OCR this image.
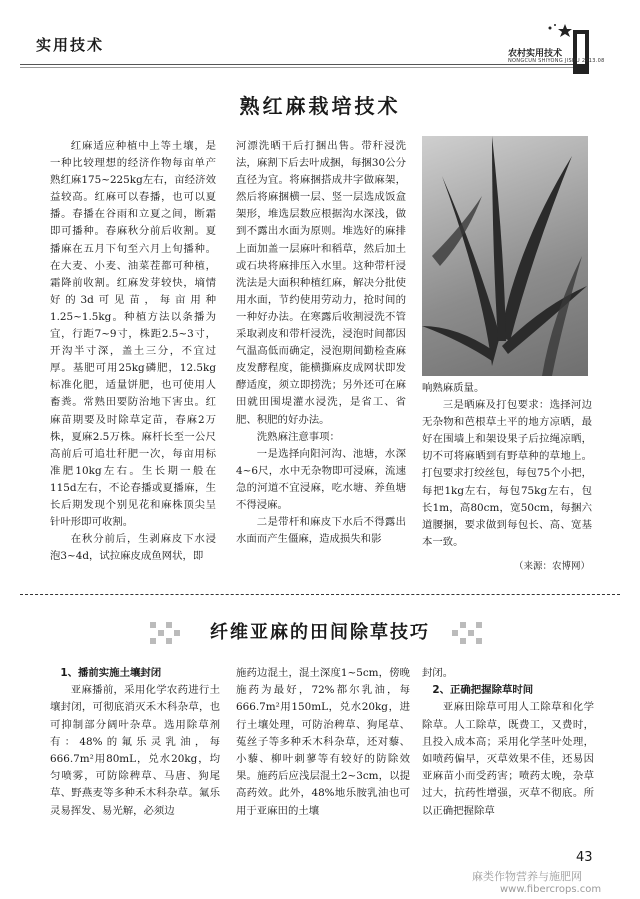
实用技术	农村实用技术
NONGCUN SHIYONG JISHU 2013.08
熟红麻栽培技术

红麻适应种植中上等土壤，是一种比较理想的经济作物每亩单产熟红麻175~225kg左右，亩经济效益较高。红麻可以春播，也可以夏播。春播在谷雨和立夏之间，断霜即可播种。春麻秋分前后收割。夏播麻在五月下旬至六月上旬播种。在大麦、小麦、油菜茬都可种植，霜降前收割。红麻发芽较快，墒情好的3d可见苗，每亩用种1.25~1.5kg。种植方法以条播为宜，行距7~9寸，株距2.5~3寸，开沟半寸深，盖土三分，不宜过厚。基肥可用25kg磷肥，12.5kg标准化肥，适量饼肥，也可使用人畜粪。常熟田要防治地下害虫。红麻苗期要及时除草定苗，春麻2万株，夏麻2.5万株。麻杆长至一公尺高前后可追壮秆肥一次，每亩用标准肥10kg左右。生长期一般在115d左右，不论春播或夏播麻，生长后期发现个别见花和麻株顶尖呈针叶形即可收割。

在秋分前后，生剥麻皮下水浸泡3~4d，试拉麻皮成鱼网状，即

河漂洗晒干后打捆出售。带秆浸洗法，麻割下后去叶成捆，每捆30公分直径为宜。将麻捆搭成井字做麻架，然后将麻捆横一层、竖一层选成饭盒架形，堆选层数应根据沟水深浅，做到不露出水面为原则。堆选好的麻排上面加盖一层麻叶和稻草，然后加土或石块将麻排压入水里。这种带杆浸洗法是大面积种植红麻，解决分批使用水面，节约使用劳动力，抢时间的一种好办法。在寒露后收割浸洗不管采取剥皮和带杆浸洗，浸泡时间都因气温高低而确定，浸泡期间勤检查麻皮发酵程度，能横撕麻皮成网状即发酵适度，须立即捞洗；另外还可在麻田就田围堤灌水浸洗，是省工、省肥、积肥的好办法。

洗熟麻注意事项：

一是选择向阳河沟、池塘，水深4~6尺，水中无杂物即可浸麻，流速急的河道不宜浸麻，吃水塘、养鱼塘不得浸麻。

二是带杆和麻皮下水后不得露出水面而产生僵麻，造成损失和影

响熟麻质量。

三是晒麻及打包要求：选择河边无杂物和芭根草土平的地方凉晒，最好在围墙上和架设果子后拉绳凉晒，切不可将麻晒到有野草种的草地上。打包要求打绞丝包，每包75个小把，每把1kg左右，每包75kg左右，包长1m，高80cm，宽50cm，每捆六道腰捆，要求做到每包长、高、宽基本一致。

（来源：农博网）
纤维亚麻的田间除草技巧
1、播前实施土壤封闭

亚麻播前，采用化学农药进行土壤封闭，可彻底消灭禾木科杂草，也可抑制部分阔叶杂草。选用除草剂有：48%的氟乐灵乳油，每666.7m²用80mL，兑水20kg，均匀喷雾，可防除稗草、马唐、狗尾草、野燕麦等多种禾木科杂草。氟乐灵易挥发、易光解，必须边

施药边混土，混土深度1~5cm，傍晚施药为最好，72%都尔乳油，每666.7m²用150mL，兑水20kg，进行土壤处理，可防治稗草、狗尾草、菟丝子等多种禾木科杂草，还对藜、小藜、柳叶刺蓼等有较好的防除效果。施药后应浅层混土2~3cm，以提高药效。此外，48%地乐胺乳油也可用于亚麻田的土壤

封闭。

2、正确把握除草时间

亚麻田除草可用人工除草和化学除草。人工除草，既费工，又费时，且投入成本高；采用化学茎叶处理，如喷药偏早，灭草效果不佳，还易因亚麻苗小而受药害；喷药太晚，杂草过大，抗药性增强，灭草不彻底。所以正确把握除草

43
麻类作物营养与施肥网
www.fibercrops.com
